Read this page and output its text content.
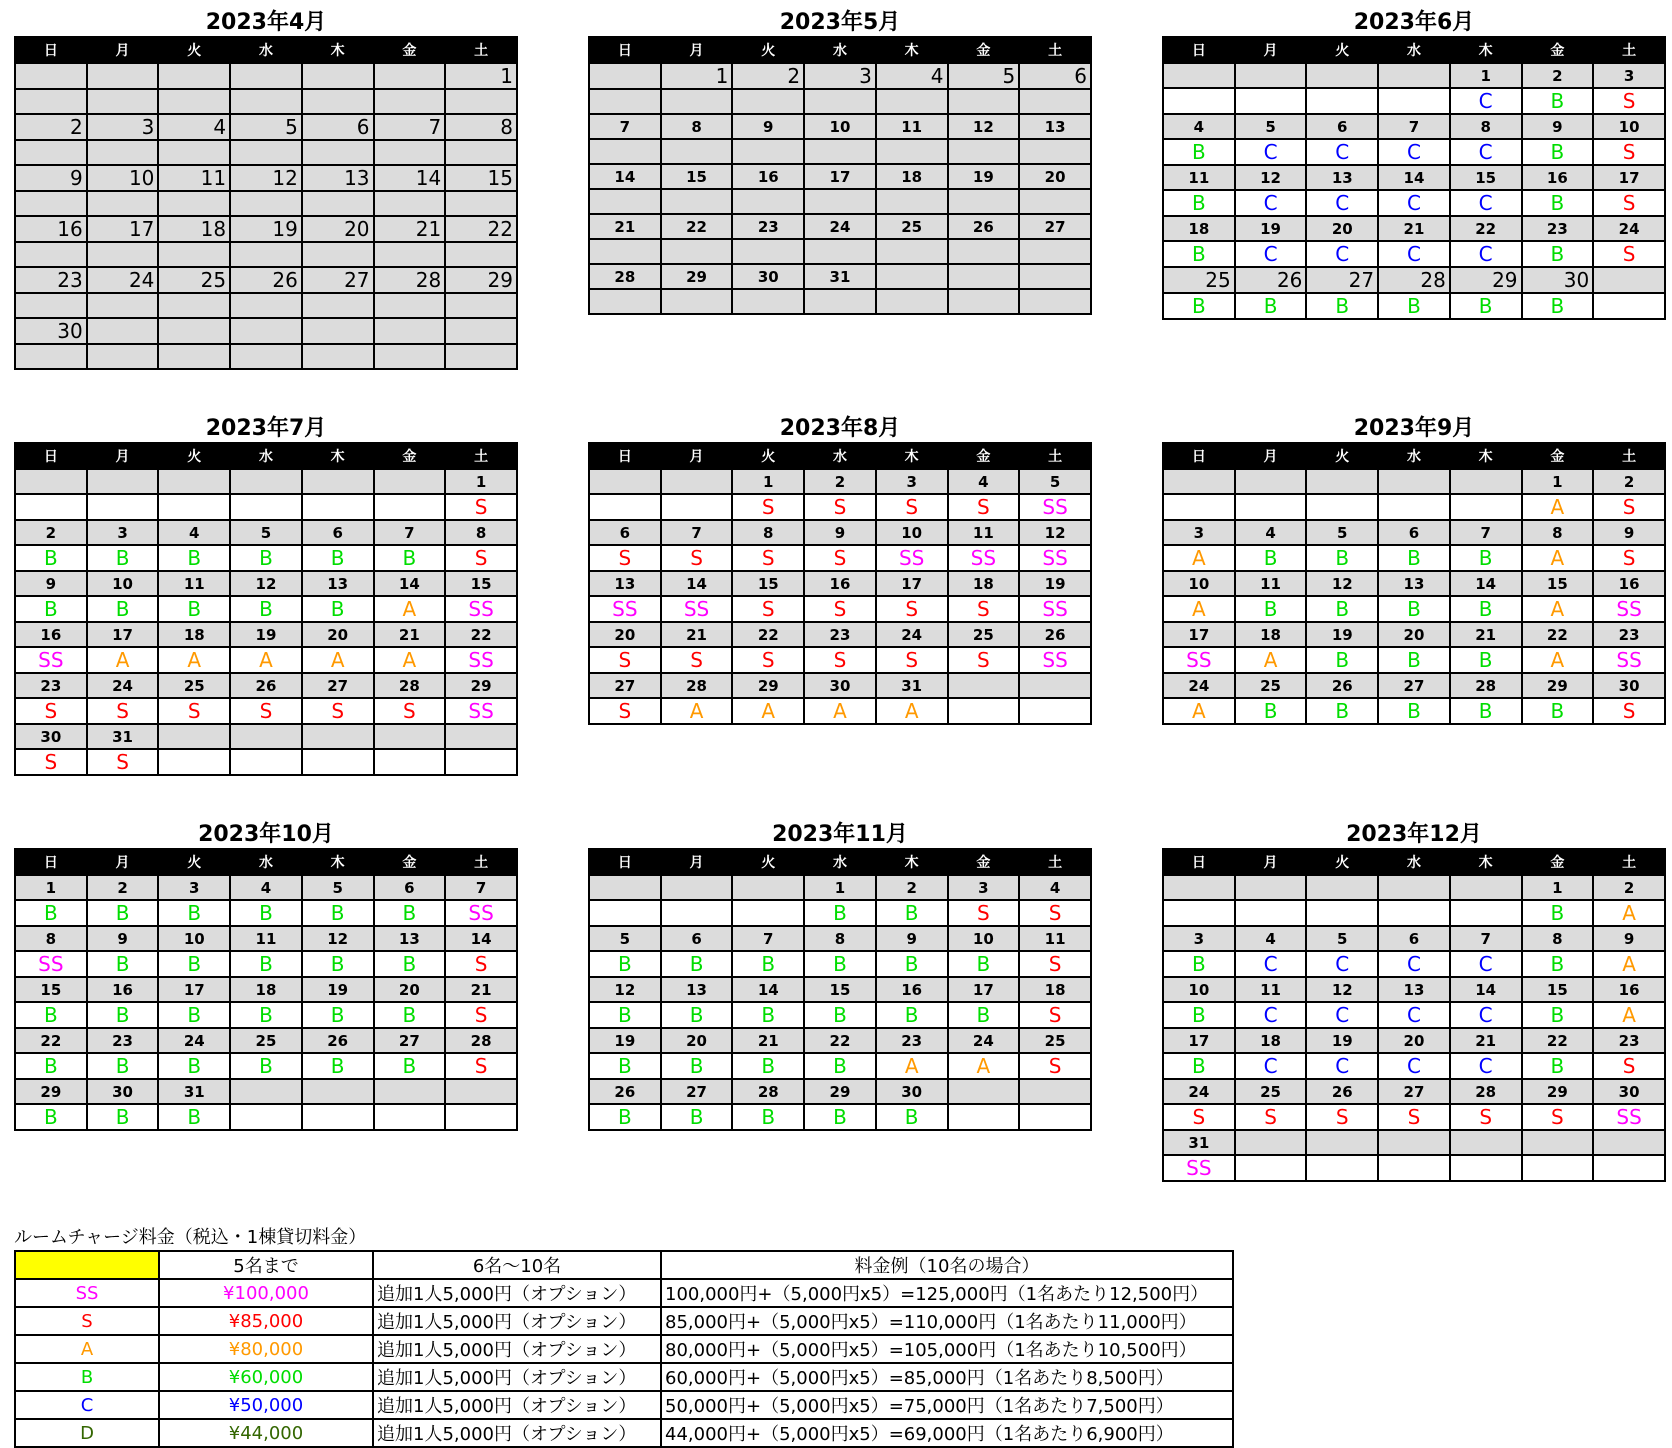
2023年4月
日	月	火	水	木	金	土
						1

2	3	4	5	6	7	8

9	10	11	12	13	14	15

16	17	18	19	20	21	22

23	24	25	26	27	28	29

30						

2023年5月
日	月	火	水	木	金	土
	1	2	3	4	5	6

7	8	9	10	11	12	13

14	15	16	17	18	19	20

21	22	23	24	25	26	27

28	29	30	31			

2023年6月
日	月	火	水	木	金	土
				1	2	3
				C	B	S
4	5	6	7	8	9	10
B	C	C	C	C	B	S
11	12	13	14	15	16	17
B	C	C	C	C	B	S
18	19	20	21	22	23	24
B	C	C	C	C	B	S
25	26	27	28	29	30	
B	B	B	B	B	B	
2023年7月
日	月	火	水	木	金	土
						1
						S
2	3	4	5	6	7	8
B	B	B	B	B	B	S
9	10	11	12	13	14	15
B	B	B	B	B	A	SS
16	17	18	19	20	21	22
SS	A	A	A	A	A	SS
23	24	25	26	27	28	29
S	S	S	S	S	S	SS
30	31					
S	S					
2023年8月
日	月	火	水	木	金	土
		1	2	3	4	5
		S	S	S	S	SS
6	7	8	9	10	11	12
S	S	S	S	SS	SS	SS
13	14	15	16	17	18	19
SS	SS	S	S	S	S	SS
20	21	22	23	24	25	26
S	S	S	S	S	S	SS
27	28	29	30	31		
S	A	A	A	A		
2023年9月
日	月	火	水	木	金	土
					1	2
					A	S
3	4	5	6	7	8	9
A	B	B	B	B	A	S
10	11	12	13	14	15	16
A	B	B	B	B	A	SS
17	18	19	20	21	22	23
SS	A	B	B	B	A	SS
24	25	26	27	28	29	30
A	B	B	B	B	B	S
2023年10月
日	月	火	水	木	金	土
1	2	3	4	5	6	7
B	B	B	B	B	B	SS
8	9	10	11	12	13	14
SS	B	B	B	B	B	S
15	16	17	18	19	20	21
B	B	B	B	B	B	S
22	23	24	25	26	27	28
B	B	B	B	B	B	S
29	30	31				
B	B	B				
2023年11月
日	月	火	水	木	金	土
			1	2	3	4
			B	B	S	S
5	6	7	8	9	10	11
B	B	B	B	B	B	S
12	13	14	15	16	17	18
B	B	B	B	B	B	S
19	20	21	22	23	24	25
B	B	B	B	A	A	S
26	27	28	29	30		
B	B	B	B	B		
2023年12月
日	月	火	水	木	金	土
					1	2
					B	A
3	4	5	6	7	8	9
B	C	C	C	C	B	A
10	11	12	13	14	15	16
B	C	C	C	C	B	A
17	18	19	20	21	22	23
B	C	C	C	C	B	S
24	25	26	27	28	29	30
S	S	S	S	S	S	SS
31						
SS						
ルームチャージ料金（税込・1棟貸切料金）
	5名まで	6名～10名	料金例（10名の場合）
SS	¥100,000	追加1人5,000円（オプション）	100,000円+（5,000円x5）=125,000円（1名あたり12,500円）
S	¥85,000	追加1人5,000円（オプション）	85,000円+（5,000円x5）=110,000円（1名あたり11,000円）
A	¥80,000	追加1人5,000円（オプション）	80,000円+（5,000円x5）=105,000円（1名あたり10,500円）
B	¥60,000	追加1人5,000円（オプション）	60,000円+（5,000円x5）=85,000円（1名あたり8,500円）
C	¥50,000	追加1人5,000円（オプション）	50,000円+（5,000円x5）=75,000円（1名あたり7,500円）
D	¥44,000	追加1人5,000円（オプション）	44,000円+（5,000円x5）=69,000円（1名あたり6,900円）
